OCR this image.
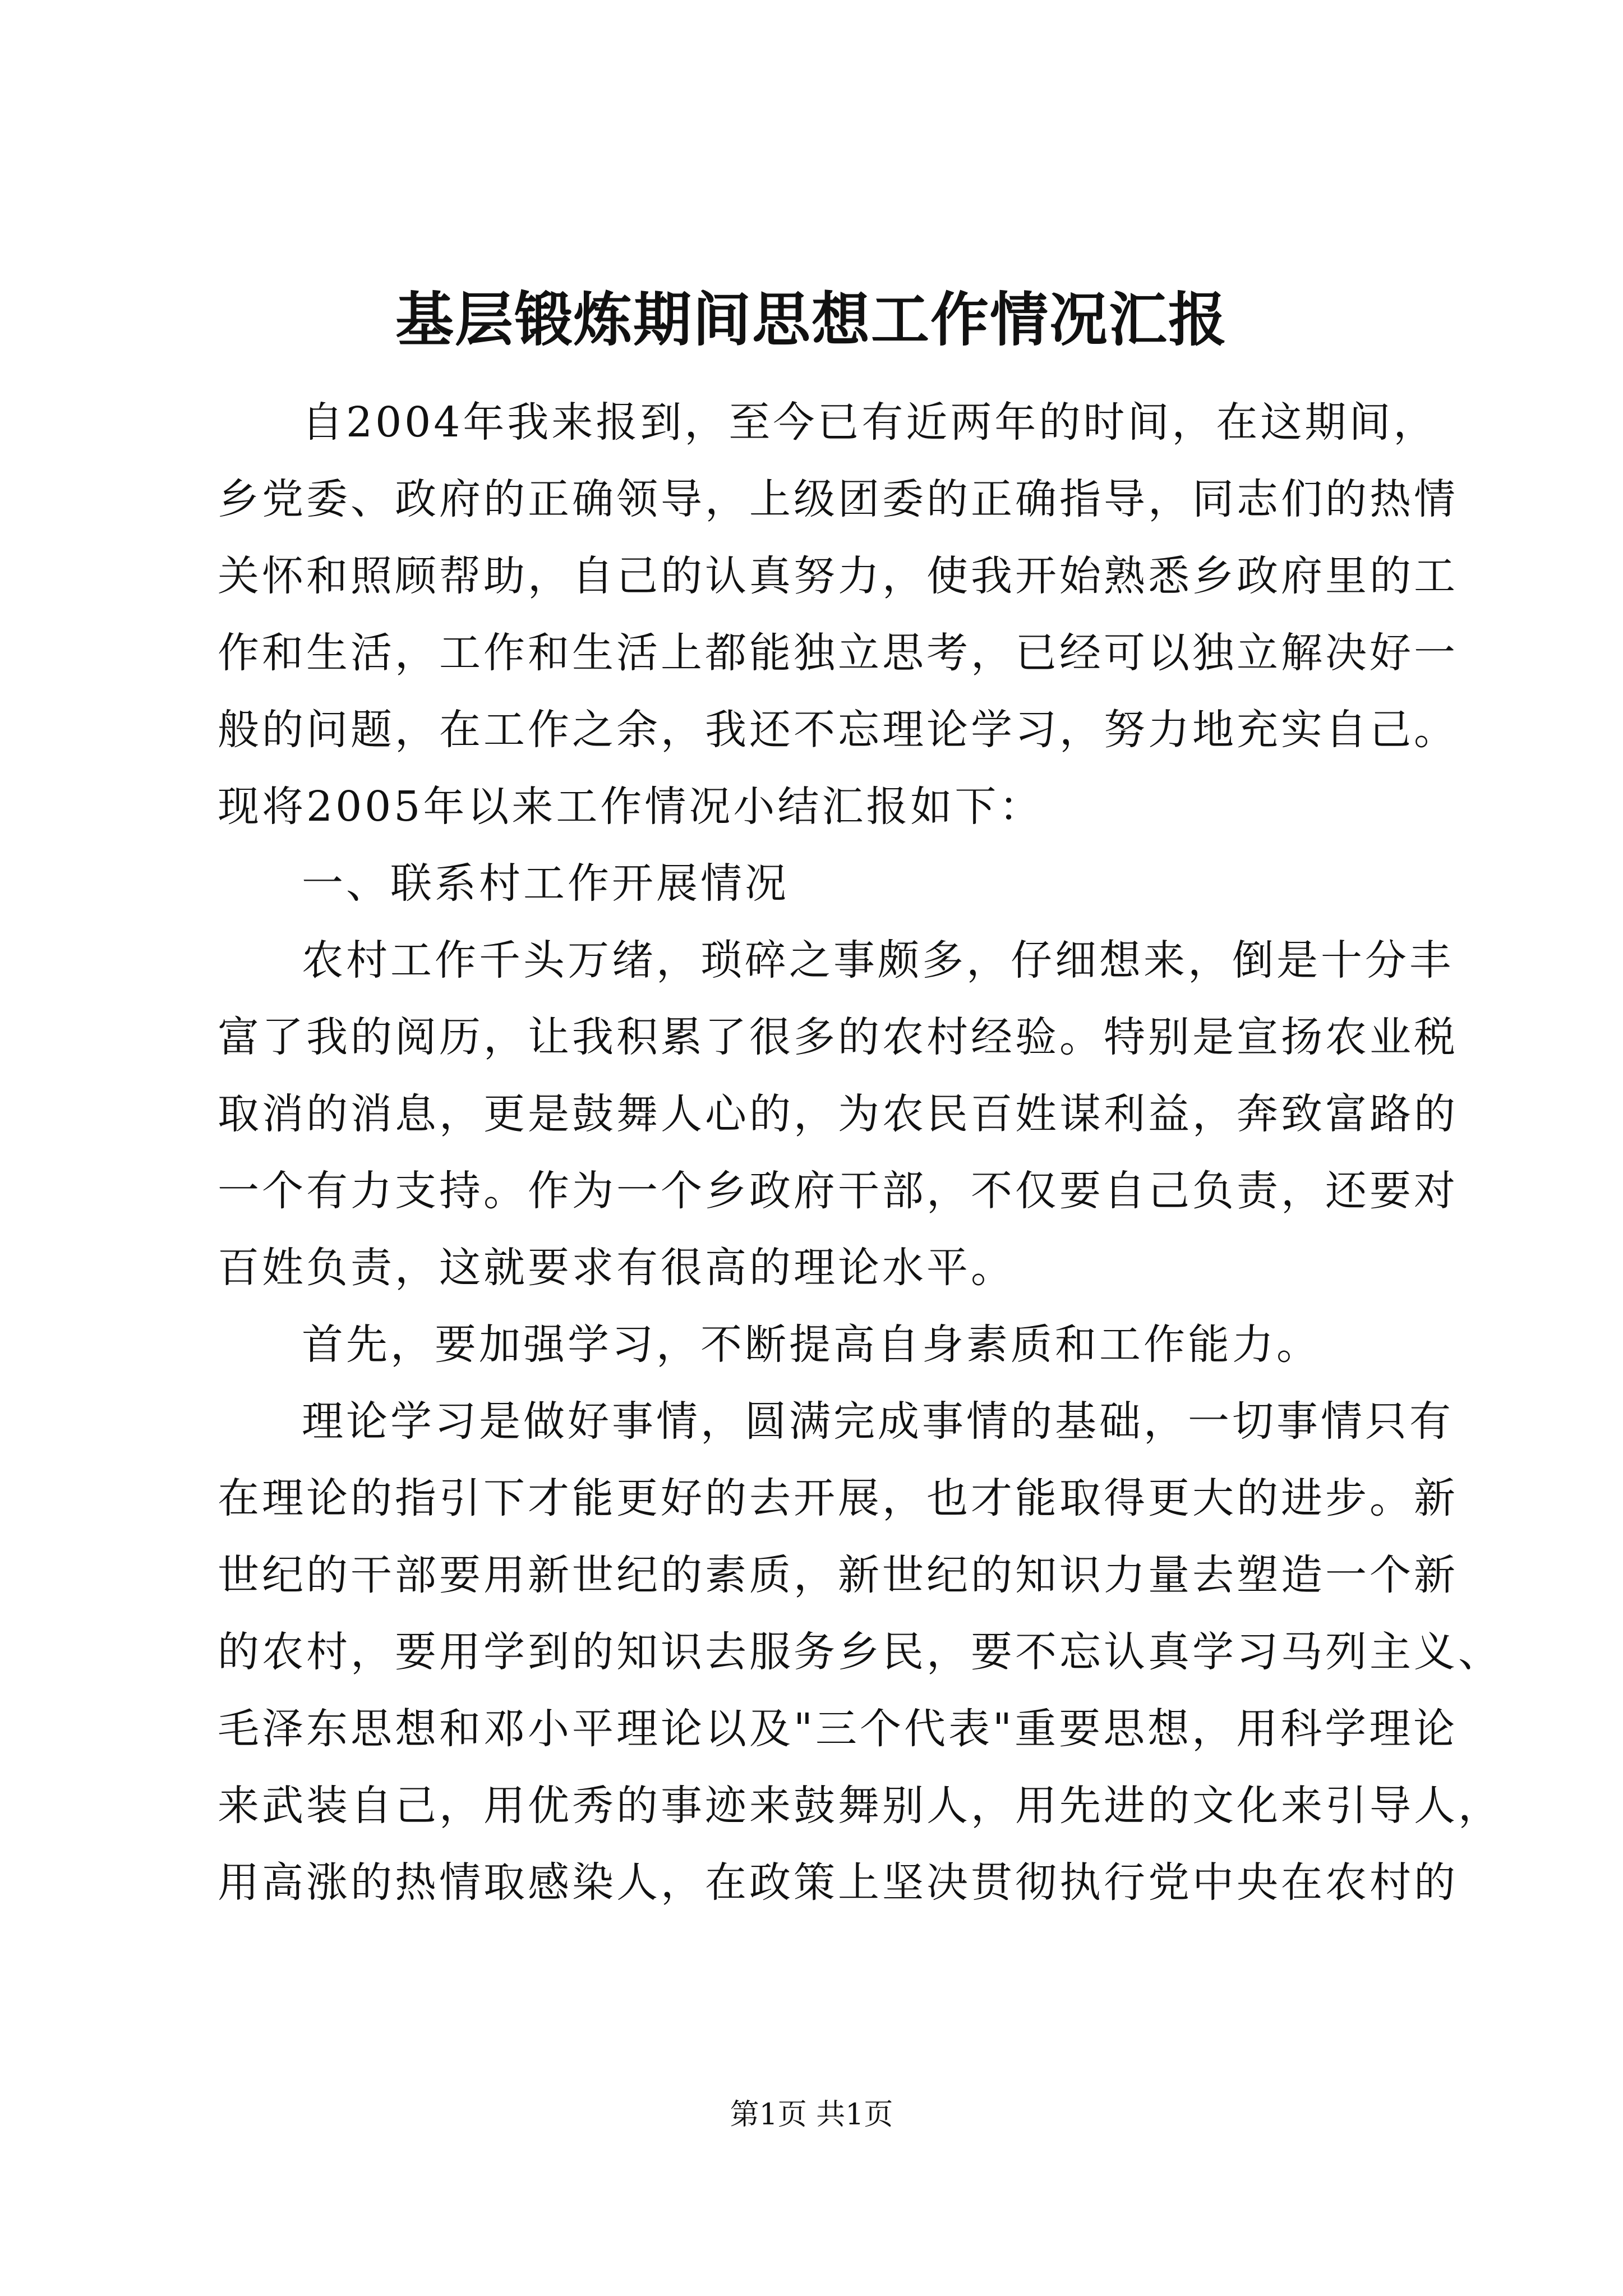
基层锻炼期间思想工作情况汇报
自2004年我来报到，至今已有近两年的时间，在这期间，
乡党委、政府的正确领导，上级团委的正确指导，同志们的热情
关怀和照顾帮助，自己的认真努力，使我开始熟悉乡政府里的工
作和生活，工作和生活上都能独立思考，已经可以独立解决好一
般的问题，在工作之余，我还不忘理论学习，努力地充实自己。
现将2005年以来工作情况小结汇报如下：
一、联系村工作开展情况
农村工作千头万绪，琐碎之事颇多，仔细想来，倒是十分丰
富了我的阅历，让我积累了很多的农村经验。特别是宣扬农业税
取消的消息，更是鼓舞人心的，为农民百姓谋利益，奔致富路的
一个有力支持。作为一个乡政府干部，不仅要自己负责，还要对
百姓负责，这就要求有很高的理论水平。
首先，要加强学习，不断提高自身素质和工作能力。
理论学习是做好事情，圆满完成事情的基础，一切事情只有
在理论的指引下才能更好的去开展，也才能取得更大的进步。新
世纪的干部要用新世纪的素质，新世纪的知识力量去塑造一个新
的农村，要用学到的知识去服务乡民，要不忘认真学习马列主义、
毛泽东思想和邓小平理论以及"三个代表"重要思想，用科学理论
来武装自己，用优秀的事迹来鼓舞别人，用先进的文化来引导人，
用高涨的热情取感染人，在政策上坚决贯彻执行党中央在农村的
第1页 共1页
